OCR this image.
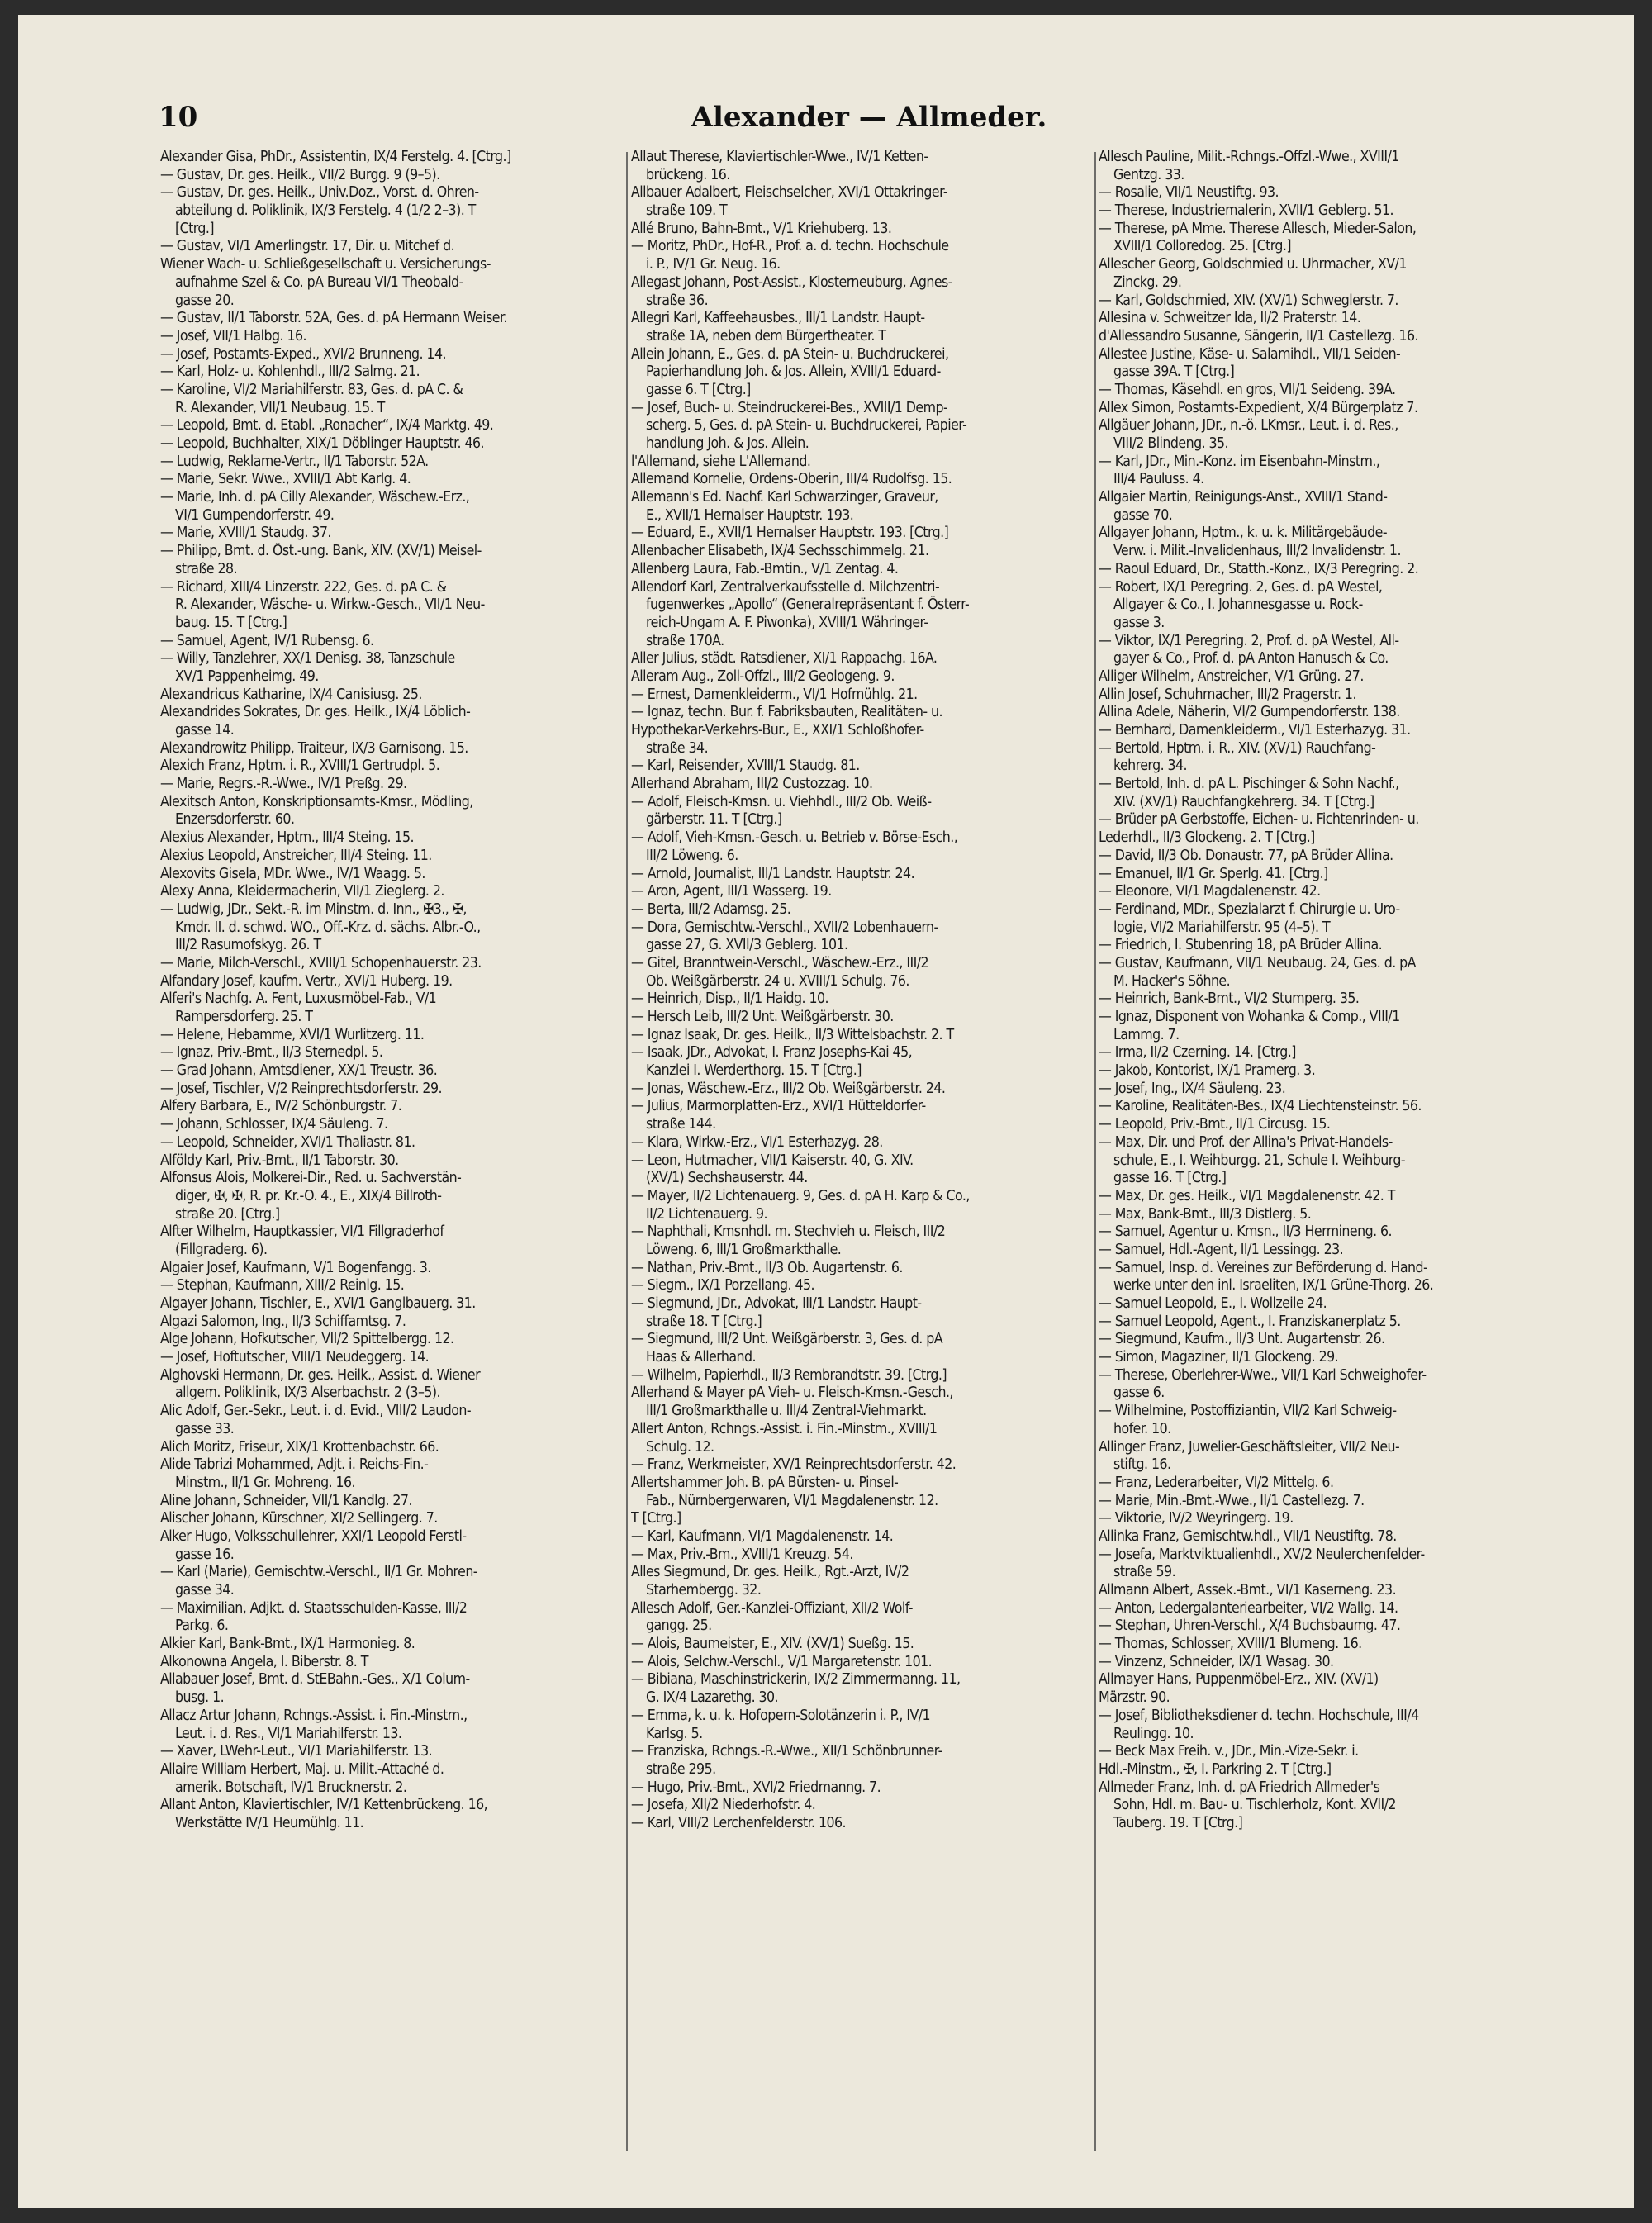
10	Alexander — Allmeder.
Alexander Gisa, PhDr., Assistentin, IX/4 Ferstelg. 4. [Ctrg.]
— Gustav, Dr. ges. Heilk., VII/2 Burgg. 9 (9–5).
— Gustav, Dr. ges. Heilk., Univ.Doz., Vorst. d. Ohren-
abteilung d. Poliklinik, IX/3 Ferstelg. 4 (1/2 2–3). T
[Ctrg.]
— Gustav, VI/1 Amerlingstr. 17, Dir. u. Mitchef d.
Wiener Wach- u. Schließgesellschaft u. Versicherungs-
aufnahme Szel & Co. pA Bureau VI/1 Theobald-
gasse 20.
— Gustav, II/1 Taborstr. 52A, Ges. d. pA Hermann Weiser.
— Josef, VII/1 Halbg. 16.
— Josef, Postamts-Exped., XVI/2 Brunneng. 14.
— Karl, Holz- u. Kohlenhdl., III/2 Salmg. 21.
— Karoline, VI/2 Mariahilferstr. 83, Ges. d. pA C. &
R. Alexander, VII/1 Neubaug. 15. T
— Leopold, Bmt. d. Etabl. „Ronacher“, IX/4 Marktg. 49.
— Leopold, Buchhalter, XIX/1 Döblinger Hauptstr. 46.
— Ludwig, Reklame-Vertr., II/1 Taborstr. 52A.
— Marie, Sekr. Wwe., XVIII/1 Abt Karlg. 4.
— Marie, Inh. d. pA Cilly Alexander, Wäschew.-Erz.,
VI/1 Gumpendorferstr. 49.
— Marie, XVIII/1 Staudg. 37.
— Philipp, Bmt. d. Öst.-ung. Bank, XIV. (XV/1) Meisel-
straße 28.
— Richard, XIII/4 Linzerstr. 222, Ges. d. pA C. &
R. Alexander, Wäsche- u. Wirkw.-Gesch., VII/1 Neu-
baug. 15. T [Ctrg.]
— Samuel, Agent, IV/1 Rubensg. 6.
— Willy, Tanzlehrer, XX/1 Denisg. 38, Tanzschule
XV/1 Pappenheimg. 49.
Alexandricus Katharine, IX/4 Canisiusg. 25.
Alexandrides Sokrates, Dr. ges. Heilk., IX/4 Löblich-
gasse 14.
Alexandrowitz Philipp, Traiteur, IX/3 Garnisong. 15.
Alexich Franz, Hptm. i. R., XVIII/1 Gertrudpl. 5.
— Marie, Regrs.-R.-Wwe., IV/1 Preßg. 29.
Alexitsch Anton, Konskriptionsamts-Kmsr., Mödling,
Enzersdorferstr. 60.
Alexius Alexander, Hptm., III/4 Steing. 15.
Alexius Leopold, Anstreicher, III/4 Steing. 11.
Alexovits Gisela, MDr. Wwe., IV/1 Waagg. 5.
Alexy Anna, Kleidermacherin, VII/1 Zieglerg. 2.
— Ludwig, JDr., Sekt.-R. im Minstm. d. Inn., ✠3., ✠,
Kmdr. II. d. schwd. WO., Off.-Krz. d. sächs. Albr.-O.,
III/2 Rasumofskyg. 26. T
— Marie, Milch-Verschl., XVIII/1 Schopenhauerstr. 23.
Alfandary Josef, kaufm. Vertr., XVI/1 Huberg. 19.
Alferi's Nachfg. A. Fent, Luxusmöbel-Fab., V/1
Rampersdorferg. 25. T
— Helene, Hebamme, XVI/1 Wurlitzerg. 11.
— Ignaz, Priv.-Bmt., II/3 Sternedpl. 5.
— Grad Johann, Amtsdiener, XX/1 Treustr. 36.
— Josef, Tischler, V/2 Reinprechtsdorferstr. 29.
Alfery Barbara, E., IV/2 Schönburgstr. 7.
— Johann, Schlosser, IX/4 Säuleng. 7.
— Leopold, Schneider, XVI/1 Thaliastr. 81.
Alföldy Karl, Priv.-Bmt., II/1 Taborstr. 30.
Alfonsus Alois, Molkerei-Dir., Red. u. Sachverstän-
diger, ✠, ✠, R. pr. Kr.-O. 4., E., XIX/4 Billroth-
straße 20. [Ctrg.]
Alfter Wilhelm, Hauptkassier, VI/1 Fillgraderhof
(Fillgraderg. 6).
Algaier Josef, Kaufmann, V/1 Bogenfangg. 3.
— Stephan, Kaufmann, XIII/2 Reinlg. 15.
Algayer Johann, Tischler, E., XVI/1 Ganglbauerg. 31.
Algazi Salomon, Ing., II/3 Schiffamtsg. 7.
Alge Johann, Hofkutscher, VII/2 Spittelbergg. 12.
— Josef, Hoftutscher, VIII/1 Neudeggerg. 14.
Alghovski Hermann, Dr. ges. Heilk., Assist. d. Wiener
allgem. Poliklinik, IX/3 Alserbachstr. 2 (3–5).
Alic Adolf, Ger.-Sekr., Leut. i. d. Evid., VIII/2 Laudon-
gasse 33.
Alich Moritz, Friseur, XIX/1 Krottenbachstr. 66.
Alide Tabrizi Mohammed, Adjt. i. Reichs-Fin.-
Minstm., II/1 Gr. Mohreng. 16.
Aline Johann, Schneider, VII/1 Kandlg. 27.
Alischer Johann, Kürschner, XI/2 Sellingerg. 7.
Alker Hugo, Volksschullehrer, XXI/1 Leopold Ferstl-
gasse 16.
— Karl (Marie), Gemischtw.-Verschl., II/1 Gr. Mohren-
gasse 34.
— Maximilian, Adjkt. d. Staatsschulden-Kasse, III/2
Parkg. 6.
Alkier Karl, Bank-Bmt., IX/1 Harmonieg. 8.
Alkonowna Angela, I. Biberstr. 8. T
Allabauer Josef, Bmt. d. StEBahn.-Ges., X/1 Colum-
busg. 1.
Allacz Artur Johann, Rchngs.-Assist. i. Fin.-Minstm.,
Leut. i. d. Res., VI/1 Mariahilferstr. 13.
— Xaver, LWehr-Leut., VI/1 Mariahilferstr. 13.
Allaire William Herbert, Maj. u. Milit.-Attaché d.
amerik. Botschaft, IV/1 Brucknerstr. 2.
Allant Anton, Klaviertischler, IV/1 Kettenbrückeng. 16,
Werkstätte IV/1 Heumühlg. 11.
Allaut Therese, Klaviertischler-Wwe., IV/1 Ketten-
brückeng. 16.
Allbauer Adalbert, Fleischselcher, XVI/1 Ottakringer-
straße 109. T
Allé Bruno, Bahn-Bmt., V/1 Kriehuberg. 13.
— Moritz, PhDr., Hof-R., Prof. a. d. techn. Hochschule
i. P., IV/1 Gr. Neug. 16.
Allegast Johann, Post-Assist., Klosterneuburg, Agnes-
straße 36.
Allegri Karl, Kaffeehausbes., III/1 Landstr. Haupt-
straße 1A, neben dem Bürgertheater. T
Allein Johann, E., Ges. d. pA Stein- u. Buchdruckerei,
Papierhandlung Joh. & Jos. Allein, XVIII/1 Eduard-
gasse 6. T [Ctrg.]
— Josef, Buch- u. Steindruckerei-Bes., XVIII/1 Demp-
scherg. 5, Ges. d. pA Stein- u. Buchdruckerei, Papier-
handlung Joh. & Jos. Allein.
l'Allemand, siehe L'Allemand.
Allemand Kornelie, Ordens-Oberin, III/4 Rudolfsg. 15.
Allemann's Ed. Nachf. Karl Schwarzinger, Graveur,
E., XVII/1 Hernalser Hauptstr. 193.
— Eduard, E., XVII/1 Hernalser Hauptstr. 193. [Ctrg.]
Allenbacher Elisabeth, IX/4 Sechsschimmelg. 21.
Allenberg Laura, Fab.-Bmtin., V/1 Zentag. 4.
Allendorf Karl, Zentralverkaufsstelle d. Milchzentri-
fugenwerkes „Apollo“ (Generalrepräsentant f. Österr-
reich-Ungarn A. F. Piwonka), XVIII/1 Währinger-
straße 170A.
Aller Julius, städt. Ratsdiener, XI/1 Rappachg. 16A.
Alleram Aug., Zoll-Offzl., III/2 Geologeng. 9.
— Ernest, Damenkleiderm., VI/1 Hofmühlg. 21.
— Ignaz, techn. Bur. f. Fabriksbauten, Realitäten- u.
Hypothekar-Verkehrs-Bur., E., XXI/1 Schloßhofer-
straße 34.
— Karl, Reisender, XVIII/1 Staudg. 81.
Allerhand Abraham, III/2 Custozzag. 10.
— Adolf, Fleisch-Kmsn. u. Viehhdl., III/2 Ob. Weiß-
gärberstr. 11. T [Ctrg.]
— Adolf, Vieh-Kmsn.-Gesch. u. Betrieb v. Börse-Esch.,
III/2 Löweng. 6.
— Arnold, Journalist, III/1 Landstr. Hauptstr. 24.
— Aron, Agent, III/1 Wasserg. 19.
— Berta, III/2 Adamsg. 25.
— Dora, Gemischtw.-Verschl., XVII/2 Lobenhauern-
gasse 27, G. XVII/3 Geblerg. 101.
— Gitel, Branntwein-Verschl., Wäschew.-Erz., III/2
Ob. Weißgärberstr. 24 u. XVIII/1 Schulg. 76.
— Heinrich, Disp., II/1 Haidg. 10.
— Hersch Leib, III/2 Unt. Weißgärberstr. 30.
— Ignaz Isaak, Dr. ges. Heilk., II/3 Wittelsbachstr. 2. T
— Isaak, JDr., Advokat, I. Franz Josephs-Kai 45,
Kanzlei I. Werderthorg. 15. T [Ctrg.]
— Jonas, Wäschew.-Erz., III/2 Ob. Weißgärberstr. 24.
— Julius, Marmorplatten-Erz., XVI/1 Hütteldorfer-
straße 144.
— Klara, Wirkw.-Erz., VI/1 Esterhazyg. 28.
— Leon, Hutmacher, VII/1 Kaiserstr. 40, G. XIV.
(XV/1) Sechshauserstr. 44.
— Mayer, II/2 Lichtenauerg. 9, Ges. d. pA H. Karp & Co.,
II/2 Lichtenauerg. 9.
— Naphthali, Kmsnhdl. m. Stechvieh u. Fleisch, III/2
Löweng. 6, III/1 Großmarkthalle.
— Nathan, Priv.-Bmt., II/3 Ob. Augartenstr. 6.
— Siegm., IX/1 Porzellang. 45.
— Siegmund, JDr., Advokat, III/1 Landstr. Haupt-
straße 18. T [Ctrg.]
— Siegmund, III/2 Unt. Weißgärberstr. 3, Ges. d. pA
Haas & Allerhand.
— Wilhelm, Papierhdl., II/3 Rembrandtstr. 39. [Ctrg.]
Allerhand & Mayer pA Vieh- u. Fleisch-Kmsn.-Gesch.,
III/1 Großmarkthalle u. III/4 Zentral-Viehmarkt.
Allert Anton, Rchngs.-Assist. i. Fin.-Minstm., XVIII/1
Schulg. 12.
— Franz, Werkmeister, XV/1 Reinprechtsdorferstr. 42.
Allertshammer Joh. B. pA Bürsten- u. Pinsel-
Fab., Nürnbergerwaren, VI/1 Magdalenenstr. 12.
T [Ctrg.]
— Karl, Kaufmann, VI/1 Magdalenenstr. 14.
— Max, Priv.-Bm., XVIII/1 Kreuzg. 54.
Alles Siegmund, Dr. ges. Heilk., Rgt.-Arzt, IV/2
Starhembergg. 32.
Allesch Adolf, Ger.-Kanzlei-Offiziant, XII/2 Wolf-
gangg. 25.
— Alois, Baumeister, E., XIV. (XV/1) Sueßg. 15.
— Alois, Selchw.-Verschl., V/1 Margaretenstr. 101.
— Bibiana, Maschinstrickerin, IX/2 Zimmermanng. 11,
G. IX/4 Lazarethg. 30.
— Emma, k. u. k. Hofopern-Solotänzerin i. P., IV/1
Karlsg. 5.
— Franziska, Rchngs.-R.-Wwe., XII/1 Schönbrunner-
straße 295.
— Hugo, Priv.-Bmt., XVI/2 Friedmanng. 7.
— Josefa, XII/2 Niederhofstr. 4.
— Karl, VIII/2 Lerchenfelderstr. 106.
Allesch Pauline, Milit.-Rchngs.-Offzl.-Wwe., XVIII/1
Gentzg. 33.
— Rosalie, VII/1 Neustiftg. 93.
— Therese, Industriemalerin, XVII/1 Geblerg. 51.
— Therese, pA Mme. Therese Allesch, Mieder-Salon,
XVIII/1 Colloredog. 25. [Ctrg.]
Allescher Georg, Goldschmied u. Uhrmacher, XV/1
Zinckg. 29.
— Karl, Goldschmied, XIV. (XV/1) Schweglerstr. 7.
Allesina v. Schweitzer Ida, II/2 Praterstr. 14.
d'Allessandro Susanne, Sängerin, II/1 Castellezg. 16.
Allestee Justine, Käse- u. Salamihdl., VII/1 Seiden-
gasse 39A. T [Ctrg.]
— Thomas, Käsehdl. en gros, VII/1 Seideng. 39A.
Allex Simon, Postamts-Expedient, X/4 Bürgerplatz 7.
Allgäuer Johann, JDr., n.-ö. LKmsr., Leut. i. d. Res.,
VIII/2 Blindeng. 35.
— Karl, JDr., Min.-Konz. im Eisenbahn-Minstm.,
III/4 Pauluss. 4.
Allgaier Martin, Reinigungs-Anst., XVIII/1 Stand-
gasse 70.
Allgayer Johann, Hptm., k. u. k. Militärgebäude-
Verw. i. Milit.-Invalidenhaus, III/2 Invalidenstr. 1.
— Raoul Eduard, Dr., Statth.-Konz., IX/3 Peregring. 2.
— Robert, IX/1 Peregring. 2, Ges. d. pA Westel,
Allgayer & Co., I. Johannesgasse u. Rock-
gasse 3.
— Viktor, IX/1 Peregring. 2, Prof. d. pA Westel, All-
gayer & Co., Prof. d. pA Anton Hanusch & Co.
Alliger Wilhelm, Anstreicher, V/1 Grüng. 27.
Allin Josef, Schuhmacher, III/2 Pragerstr. 1.
Allina Adele, Näherin, VI/2 Gumpendorferstr. 138.
— Bernhard, Damenkleiderm., VI/1 Esterhazyg. 31.
— Bertold, Hptm. i. R., XIV. (XV/1) Rauchfang-
kehrerg. 34.
— Bertold, Inh. d. pA L. Pischinger & Sohn Nachf.,
XIV. (XV/1) Rauchfangkehrerg. 34. T [Ctrg.]
— Brüder pA Gerbstoffe, Eichen- u. Fichtenrinden- u.
Lederhdl., II/3 Glockeng. 2. T [Ctrg.]
— David, II/3 Ob. Donaustr. 77, pA Brüder Allina.
— Emanuel, II/1 Gr. Sperlg. 41. [Ctrg.]
— Eleonore, VI/1 Magdalenenstr. 42.
— Ferdinand, MDr., Spezialarzt f. Chirurgie u. Uro-
logie, VI/2 Mariahilferstr. 95 (4–5). T
— Friedrich, I. Stubenring 18, pA Brüder Allina.
— Gustav, Kaufmann, VII/1 Neubaug. 24, Ges. d. pA
M. Hacker's Söhne.
— Heinrich, Bank-Bmt., VI/2 Stumperg. 35.
— Ignaz, Disponent von Wohanka & Comp., VIII/1
Lammg. 7.
— Irma, II/2 Czerning. 14. [Ctrg.]
— Jakob, Kontorist, IX/1 Pramerg. 3.
— Josef, Ing., IX/4 Säuleng. 23.
— Karoline, Realitäten-Bes., IX/4 Liechtensteinstr. 56.
— Leopold, Priv.-Bmt., II/1 Circusg. 15.
— Max, Dir. und Prof. der Allina's Privat-Handels-
schule, E., I. Weihburgg. 21, Schule I. Weihburg-
gasse 16. T [Ctrg.]
— Max, Dr. ges. Heilk., VI/1 Magdalenenstr. 42. T
— Max, Bank-Bmt., III/3 Distlerg. 5.
— Samuel, Agentur u. Kmsn., II/3 Hermineng. 6.
— Samuel, Hdl.-Agent, II/1 Lessingg. 23.
— Samuel, Insp. d. Vereines zur Beförderung d. Hand-
werke unter den inl. Israeliten, IX/1 Grüne-Thorg. 26.
— Samuel Leopold, E., I. Wollzeile 24.
— Samuel Leopold, Agent., I. Franziskanerplatz 5.
— Siegmund, Kaufm., II/3 Unt. Augartenstr. 26.
— Simon, Magaziner, II/1 Glockeng. 29.
— Therese, Oberlehrer-Wwe., VII/1 Karl Schweighofer-
gasse 6.
— Wilhelmine, Postoffiziantin, VII/2 Karl Schweig-
hofer. 10.
Allinger Franz, Juwelier-Geschäftsleiter, VII/2 Neu-
stiftg. 16.
— Franz, Lederarbeiter, VI/2 Mittelg. 6.
— Marie, Min.-Bmt.-Wwe., II/1 Castellezg. 7.
— Viktorie, IV/2 Weyringerg. 19.
Allinka Franz, Gemischtw.hdl., VII/1 Neustiftg. 78.
— Josefa, Marktviktualienhdl., XV/2 Neulerchenfelder-
straße 59.
Allmann Albert, Assek.-Bmt., VI/1 Kaserneng. 23.
— Anton, Ledergalanteriearbeiter, VI/2 Wallg. 14.
— Stephan, Uhren-Verschl., X/4 Buchsbaumg. 47.
— Thomas, Schlosser, XVIII/1 Blumeng. 16.
— Vinzenz, Schneider, IX/1 Wasag. 30.
Allmayer Hans, Puppenmöbel-Erz., XIV. (XV/1)
Märzstr. 90.
— Josef, Bibliotheksdiener d. techn. Hochschule, III/4
Reulingg. 10.
— Beck Max Freih. v., JDr., Min.-Vize-Sekr. i.
Hdl.-Minstm., ✠, I. Parkring 2. T [Ctrg.]
Allmeder Franz, Inh. d. pA Friedrich Allmeder's
Sohn, Hdl. m. Bau- u. Tischlerholz, Kont. XVII/2
Tauberg. 19. T [Ctrg.]
